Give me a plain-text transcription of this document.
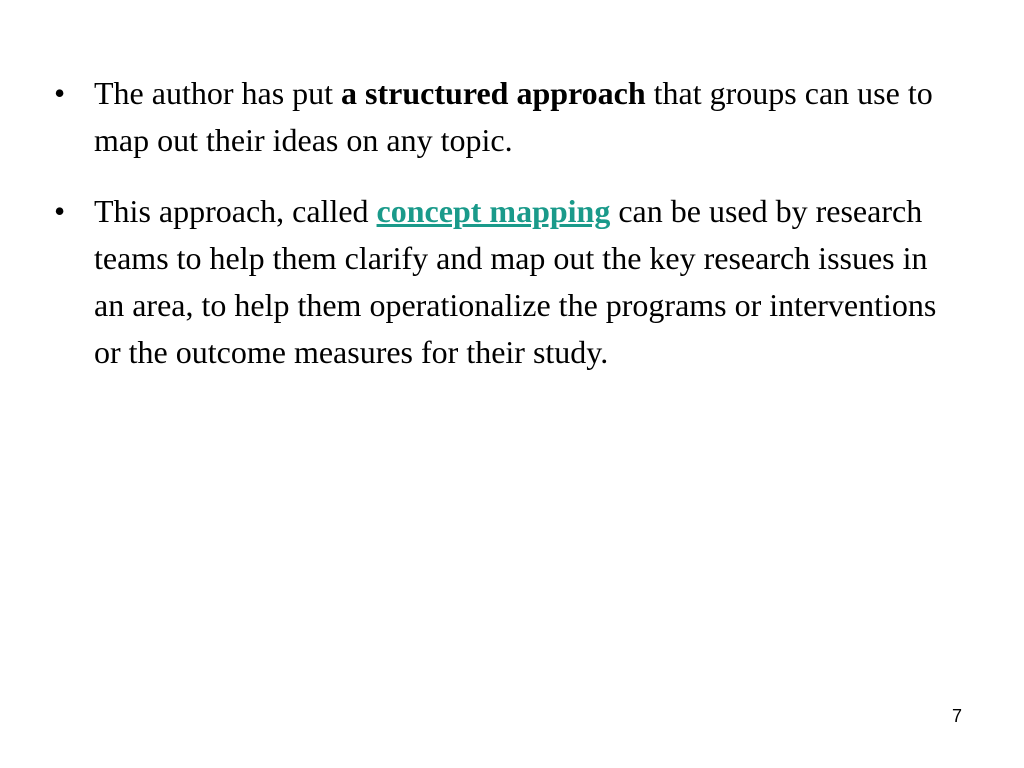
• The author has put a structured approach that groups can use to map out their ideas on any topic.
• This approach, called concept mapping can be used by research teams to help them clarify and map out the key research issues in an area, to help them operationalize the programs or interventions or the outcome measures for their study.
7
